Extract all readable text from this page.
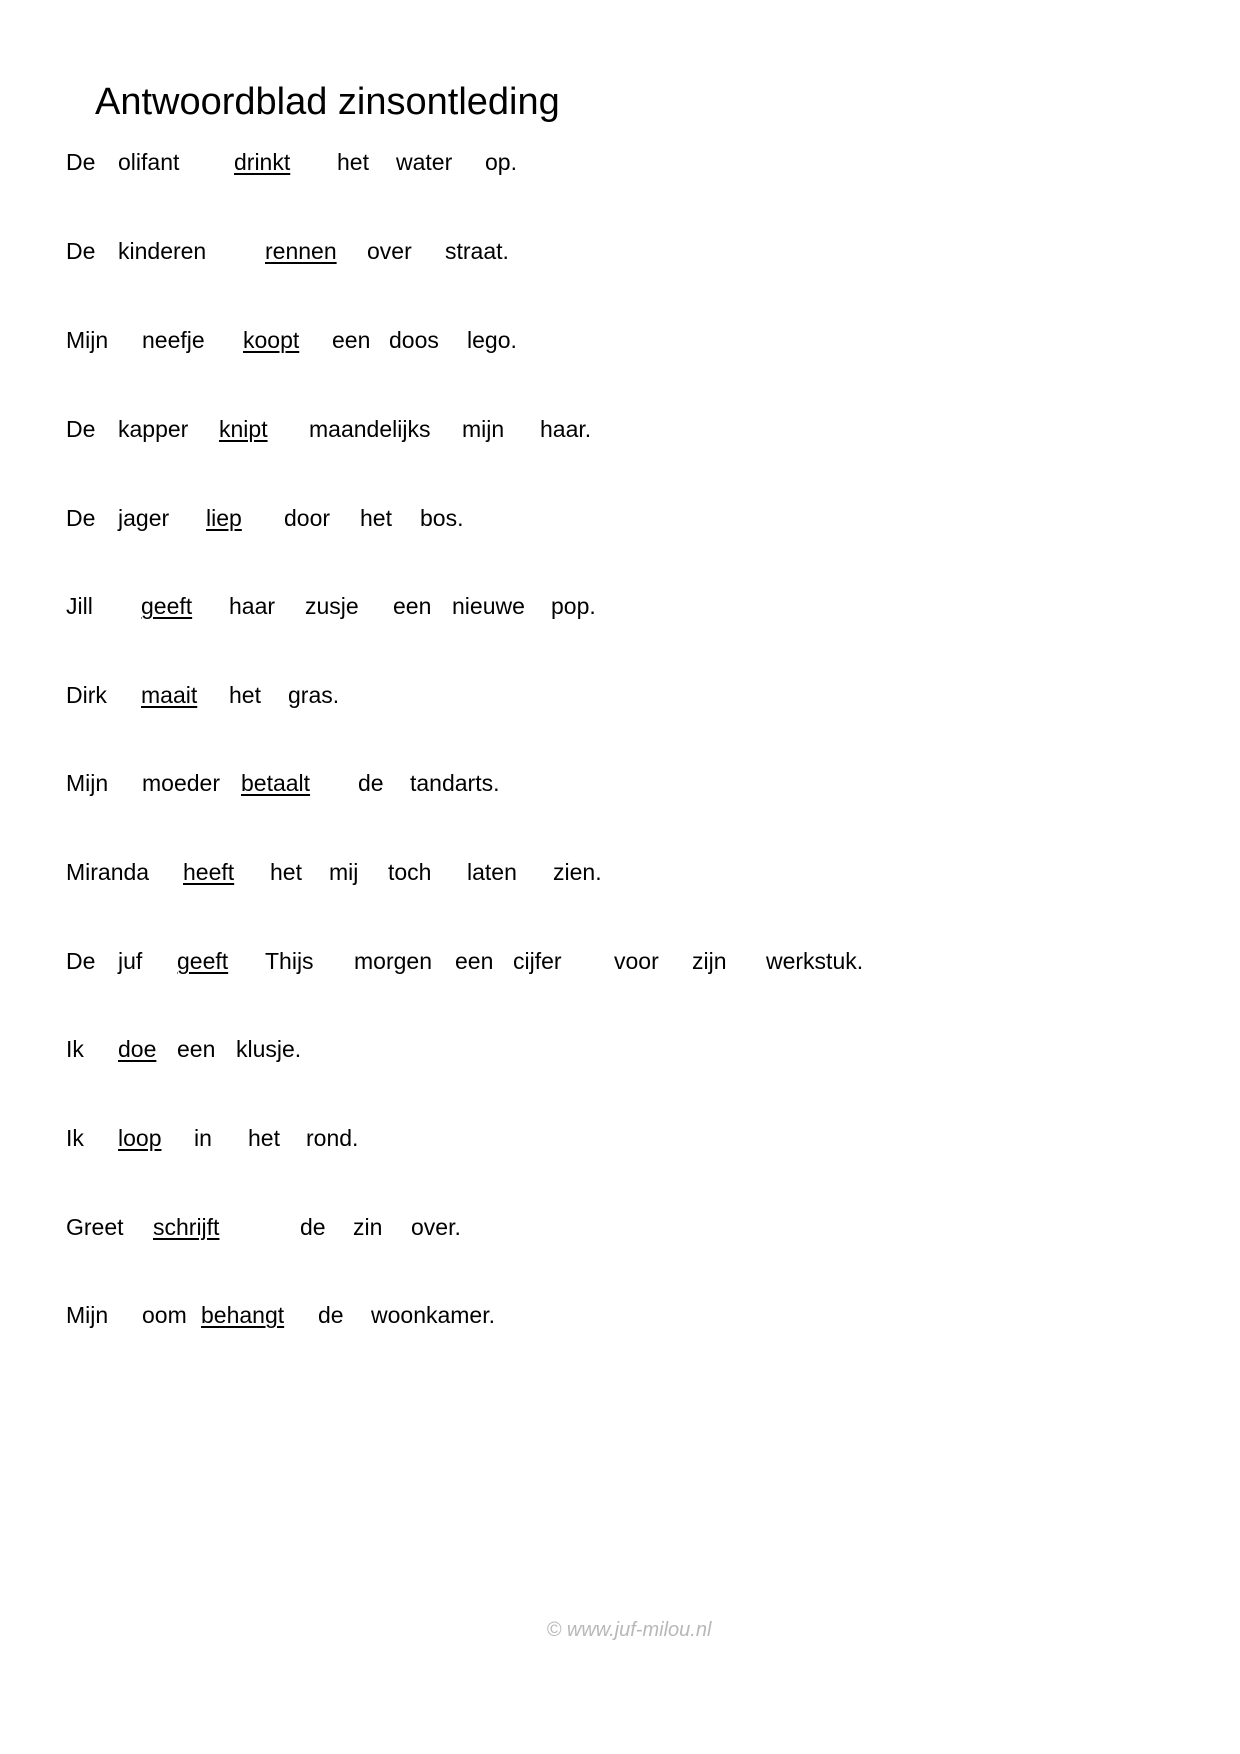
Antwoordblad zinsontleding
De olifant drinkt het water op.
De kinderen	rennen over straat.
Mijn neefje koopt een doos lego.
De kapper knipt maandelijks mijn haar.
De jager liep door het bos.
Jill geeft haar zusje een nieuwe pop.
Dirk maait het gras.
Mijn moeder betaalt de tandarts.
Miranda heeft het mij toch laten zien.
De juf geeft Thijs morgen een cijfer voor zijn werkstuk.
Ik doe een klusje.
Ik loop in het rond.
Greet schrijft	de zin over.
Mijn oom behangt de woonkamer.
© www.juf-milou.nl
